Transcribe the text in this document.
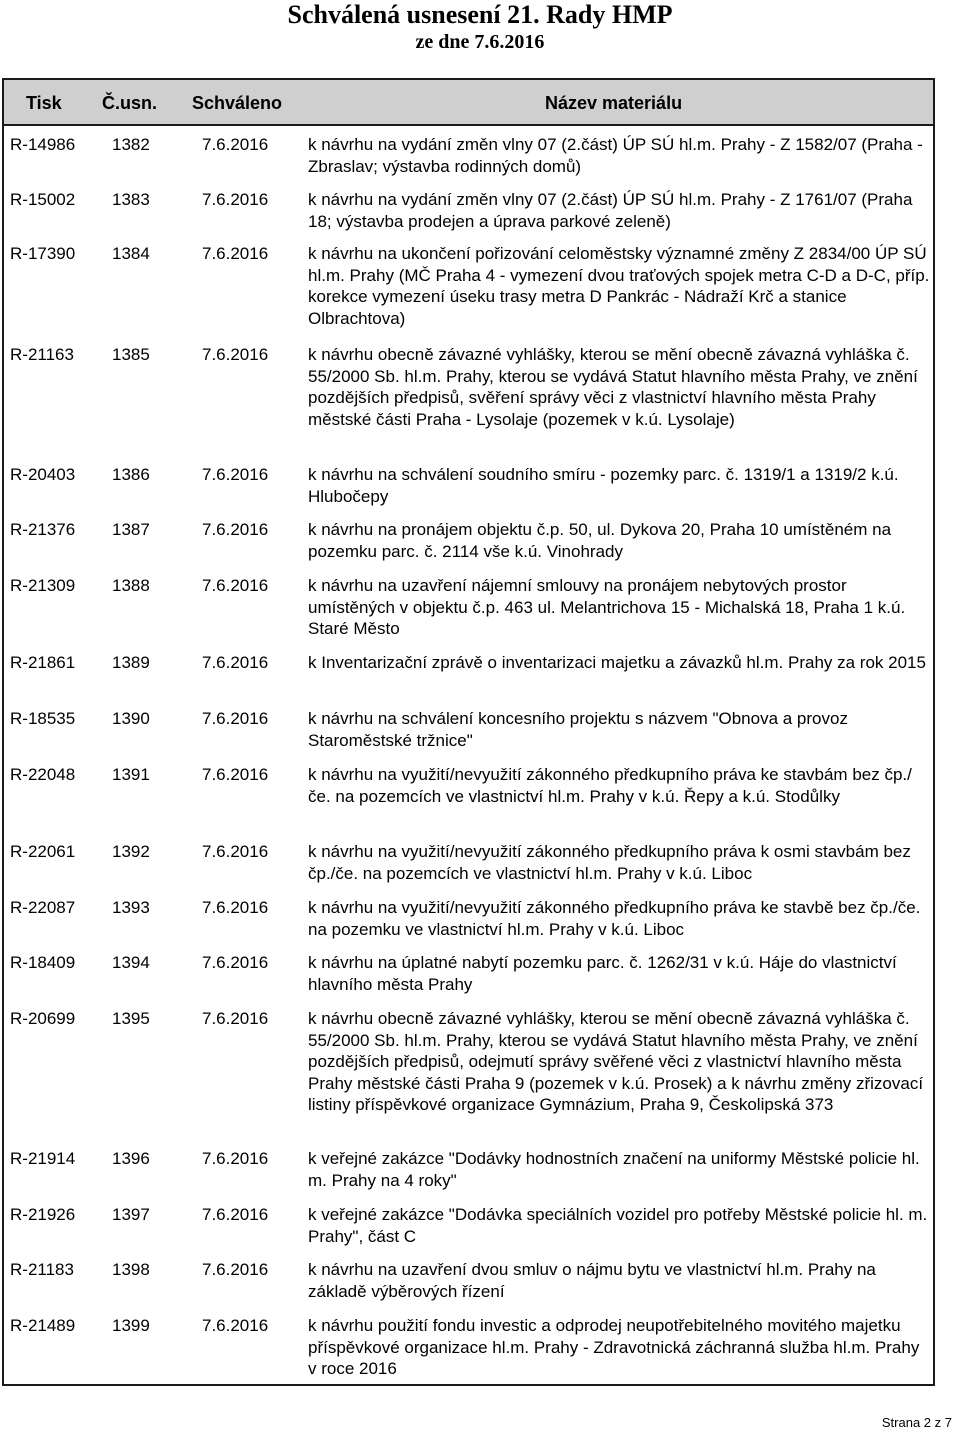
Schválená usnesení 21. Rady HMP
ze dne 7.6.2016
Tisk Č.usn. Schváleno	Název materiálu
R-14986 1382	7.6.2016 k návrhu na vydání změn vlny 07 (2.část) ÚP SÚ hl.m. Prahy - Z 1582/07 (Praha - Zbraslav; výstavba rodinných domů)
R-15002 1383	7.6.2016 k návrhu na vydání změn vlny 07 (2.část) ÚP SÚ hl.m. Prahy - Z 1761/07 (Praha 18; výstavba prodejen a úprava parkové zeleně)
R-17390 1384	7.6.2016 k návrhu na ukončení pořizování celoměstsky významné změny Z 2834/00 ÚP SÚ hl.m. Prahy (MČ Praha 4 - vymezení dvou traťových spojek metra C-D a D-C, příp. korekce vymezení úseku trasy metra D Pankrác - Nádraží Krč a stanice Olbrachtova)
R-21163 1385	7.6.2016 k návrhu obecně závazné vyhlášky, kterou se mění obecně závazná vyhláška č. 55/2000 Sb. hl.m. Prahy, kterou se vydává Statut hlavního města Prahy, ve znění pozdějších předpisů, svěření správy věci z vlastnictví hlavního města Prahy městské části Praha - Lysolaje (pozemek v k.ú. Lysolaje)
R-20403 1386	7.6.2016 k návrhu na schválení soudního smíru - pozemky parc. č. 1319/1 a 1319/2 k.ú. Hlubočepy
R-21376 1387	7.6.2016 k návrhu na pronájem objektu č.p. 50, ul. Dykova 20, Praha 10 umístěném na pozemku parc. č. 2114 vše k.ú. Vinohrady
R-21309 1388	7.6.2016 k návrhu na uzavření nájemní smlouvy na pronájem nebytových prostor umístěných v objektu č.p. 463 ul. Melantrichova 15 - Michalská 18, Praha 1 k.ú. Staré Město
R-21861 1389	7.6.2016 k Inventarizační zprávě o inventarizaci majetku a závazků hl.m. Prahy za rok 2015
R-18535 1390	7.6.2016 k návrhu na schválení koncesního projektu s názvem "Obnova a provoz Staroměstské tržnice"
R-22048 1391	7.6.2016 k návrhu na využití/nevyužití zákonného předkupního práva ke stavbám bez čp./če. na pozemcích ve vlastnictví hl.m. Prahy v k.ú. Řepy a k.ú. Stodůlky
R-22061 1392	7.6.2016 k návrhu na využití/nevyužití zákonného předkupního práva k osmi stavbám bez čp./če. na pozemcích ve vlastnictví hl.m. Prahy v k.ú. Liboc
R-22087 1393	7.6.2016 k návrhu na využití/nevyužití zákonného předkupního práva ke stavbě bez čp./če. na pozemku ve vlastnictví hl.m. Prahy v k.ú. Liboc
R-18409 1394	7.6.2016 k návrhu na úplatné nabytí pozemku parc. č. 1262/31 v k.ú. Háje do vlastnictví hlavního města Prahy
R-20699 1395	7.6.2016 k návrhu obecně závazné vyhlášky, kterou se mění obecně závazná vyhláška č. 55/2000 Sb. hl.m. Prahy, kterou se vydává Statut hlavního města Prahy, ve znění pozdějších předpisů, odejmutí správy svěřené věci z vlastnictví hlavního města Prahy městské části Praha 9 (pozemek v k.ú. Prosek) a k návrhu změny zřizovací listiny příspěvkové organizace Gymnázium, Praha 9, Českolipská 373
R-21914 1396	7.6.2016 k veřejné zakázce "Dodávky hodnostních značení na uniformy Městské policie hl. m. Prahy na 4 roky"
R-21926 1397	7.6.2016 k veřejné zakázce "Dodávka speciálních vozidel pro potřeby Městské policie hl. m. Prahy", část C
R-21183 1398	7.6.2016 k návrhu na uzavření dvou smluv o nájmu bytu ve vlastnictví hl.m. Prahy na základě výběrových řízení
R-21489 1399	7.6.2016 k návrhu použití fondu investic a odprodej neupotřebitelného movitého majetku příspěvkové organizace hl.m. Prahy - Zdravotnická záchranná služba hl.m. Prahy v roce 2016
Strana 2 z 7
